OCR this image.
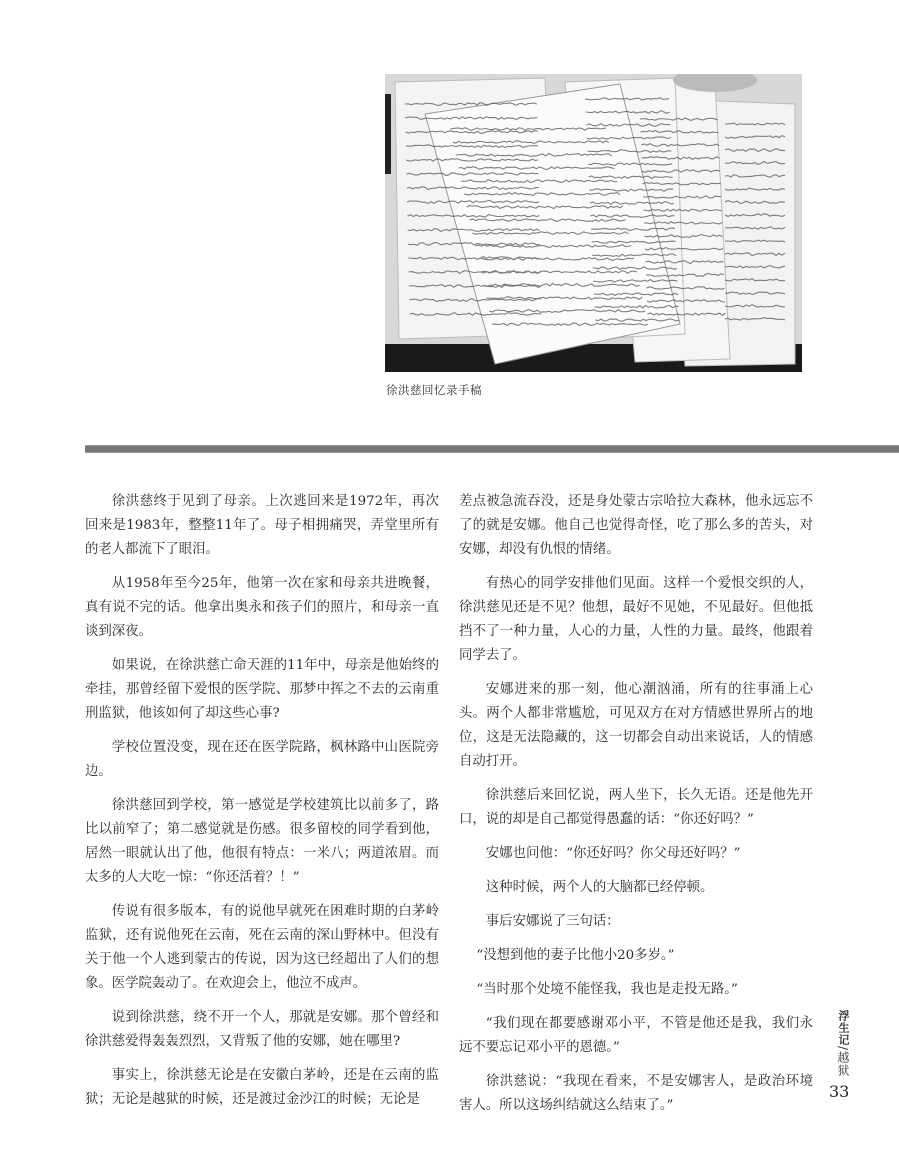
徐洪慈回忆录手稿

徐洪慈终于见到了母亲。上次逃回来是1972年，再次回来是1983年，整整11年了。母子相拥痛哭，弄堂里所有的老人都流下了眼泪。

从1958年至今25年，他第一次在家和母亲共进晚餐，真有说不完的话。他拿出奥永和孩子们的照片，和母亲一直谈到深夜。

如果说，在徐洪慈亡命天涯的11年中，母亲是他始终的牵挂，那曾经留下爱恨的医学院、那梦中挥之不去的云南重刑监狱，他该如何了却这些心事?

学校位置没变，现在还在医学院路，枫林路中山医院旁边。

徐洪慈回到学校，第一感觉是学校建筑比以前多了，路比以前窄了；第二感觉就是伤感。很多留校的同学看到他，居然一眼就认出了他，他很有特点：一米八；两道浓眉。而太多的人大吃一惊：“你还活着？！”

传说有很多版本，有的说他早就死在困难时期的白茅岭监狱，还有说他死在云南，死在云南的深山野林中。但没有关于他一个人逃到蒙古的传说，因为这已经超出了人们的想象。医学院轰动了。在欢迎会上，他泣不成声。

说到徐洪慈，绕不开一个人，那就是安娜。那个曾经和徐洪慈爱得轰轰烈烈，又背叛了他的安娜，她在哪里?

事实上，徐洪慈无论是在安徽白茅岭，还是在云南的监狱；无论是越狱的时候，还是渡过金沙江的时候；无论是

差点被急流吞没，还是身处蒙古宗哈拉大森林，他永远忘不了的就是安娜。他自己也觉得奇怪，吃了那么多的苦头，对安娜，却没有仇恨的情绪。

有热心的同学安排他们见面。这样一个爱恨交织的人，徐洪慈见还是不见？他想，最好不见她，不见最好。但他抵挡不了一种力量，人心的力量，人性的力量。最终，他跟着同学去了。

安娜进来的那一刻，他心潮汹涌，所有的往事涌上心头。两个人都非常尴尬，可见双方在对方情感世界所占的地位，这是无法隐藏的，这一切都会自动出来说话，人的情感自动打开。

徐洪慈后来回忆说，两人坐下，长久无语。还是他先开口，说的却是自己都觉得愚蠢的话：“你还好吗？”

安娜也问他：“你还好吗？你父母还好吗？”

这种时候，两个人的大脑都已经停顿。

事后安娜说了三句话：

“没想到他的妻子比他小20多岁。”

“当时那个处境不能怪我，我也是走投无路。”

“我们现在都要感谢邓小平，不管是他还是我，我们永远不要忘记邓小平的恩德。”

徐洪慈说：“我现在看来，不是安娜害人，是政治环境害人。所以这场纠结就这么结束了。”

浮生记/越狱
33
